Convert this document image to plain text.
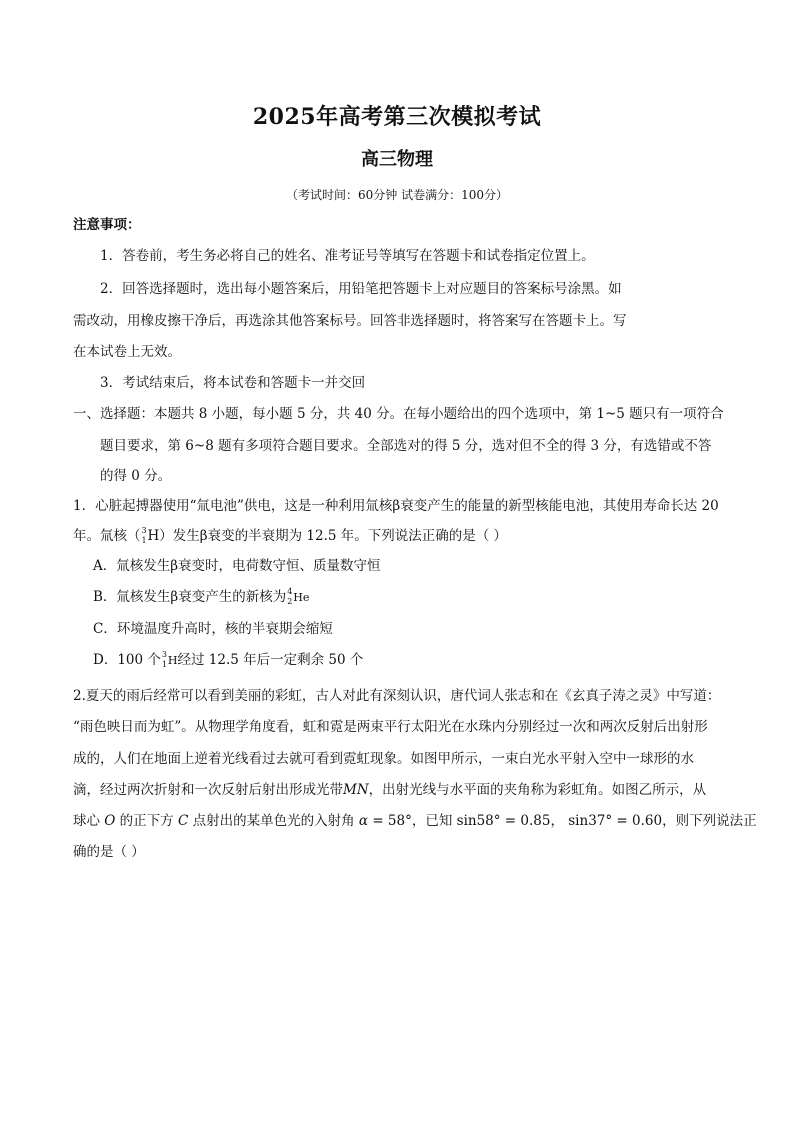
2025年高考第三次模拟考试
高三物理
（考试时间：60分钟 试卷满分：100分）
注意事项：
1．答卷前，考生务必将自己的姓名、准考证号等填写在答题卡和试卷指定位置上。
2．回答选择题时，选出每小题答案后，用铅笔把答题卡上对应题目的答案标号涂黑。如
需改动，用橡皮擦干净后，再选涂其他答案标号。回答非选择题时，将答案写在答题卡上。写
在本试卷上无效。
3．考试结束后，将本试卷和答题卡一并交回
一、选择题：本题共 8 小题，每小题 5 分，共 40 分。在每小题给出的四个选项中，第 1~5 题只有一项符合
题目要求，第 6~8 题有多项符合题目要求。全部选对的得 5 分，选对但不全的得 3 分，有选错或不答
的得 0 分。
1．心脏起搏器使用“氚电池”供电，这是一种利用氚核β衰变产生的能量的新型核能电池，其使用寿命长达 20
年。氚核（ 3
1 H）发生β衰变的半衰期为 12.5 年。下列说法正确的是（ ）
A．氚核发生β衰变时，电荷数守恒、质量数守恒
B．氚核发生β衰变产生的新核为 4
2 He
C．环境温度升高时，核的半衰期会缩短
D．100 个 3
1 H经过 12.5 年后一定剩余 50 个
2.夏天的雨后经常可以看到美丽的彩虹，古人对此有深刻认识，唐代词人张志和在《玄真子涛之灵》中写道：
“雨色映日而为虹”。从物理学角度看，虹和霓是两束平行太阳光在水珠内分别经过一次和两次反射后出射形
成的，人们在地面上逆着光线看过去就可看到霓虹现象。如图甲所示，一束白光水平射入空中一球形的水
滴，经过两次折射和一次反射后射出形成光带MN，出射光线与水平面的夹角称为彩虹角。如图乙所示，从
球心 O 的正下方 C 点射出的某单色光的入射角 α = 58°，已知 sin58° = 0.85， sin37° = 0.60，则下列说法正
确的是（ ）
